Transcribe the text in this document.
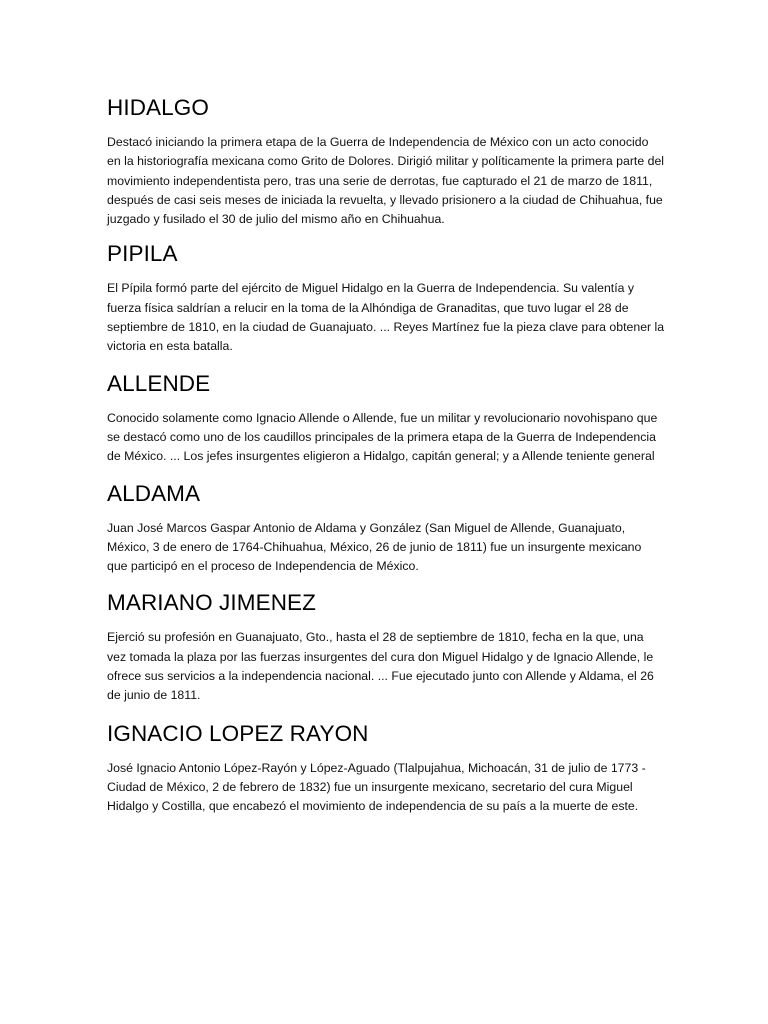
HIDALGO

Destacó iniciando la primera etapa de la Guerra de Independencia de México con un acto conocido en la historiografía mexicana como Grito de Dolores. Dirigió militar y políticamente la primera parte del movimiento independentista pero, tras una serie de derrotas, fue capturado el 21 de marzo de 1811, después de casi seis meses de iniciada la revuelta, y llevado prisionero a la ciudad de Chihuahua, fue juzgado y fusilado el 30 de julio del mismo año en Chihuahua.

PIPILA

El Pípila formó parte del ejército de Miguel Hidalgo en la Guerra de Independencia. Su valentía y fuerza física saldrían a relucir en la toma de la Alhóndiga de Granaditas, que tuvo lugar el 28 de septiembre de 1810, en la ciudad de Guanajuato. ... Reyes Martínez fue la pieza clave para obtener la victoria en esta batalla.

ALLENDE

Conocido solamente como Ignacio Allende o Allende, fue un militar y revolucionario novohispano que se destacó como uno de los caudillos principales de la primera etapa de la Guerra de Independencia de México. ... Los jefes insurgentes eligieron a Hidalgo, capitán general; y a Allende teniente general

ALDAMA

Juan José Marcos Gaspar Antonio de Aldama y González (San Miguel de Allende, Guanajuato, México, 3 de enero de 1764-Chihuahua, México, 26 de junio de 1811) fue un insurgente mexicano que participó en el proceso de Independencia de México.

MARIANO JIMENEZ

Ejerció su profesión en Guanajuato, Gto., hasta el 28 de septiembre de 1810, fecha en la que, una vez tomada la plaza por las fuerzas insurgentes del cura don Miguel Hidalgo y de Ignacio Allende, le ofrece sus servicios a la independencia nacional. ... Fue ejecutado junto con Allende y Aldama, el 26 de junio de 1811.

IGNACIO LOPEZ RAYON

José Ignacio Antonio López-Rayón y López-Aguado (Tlalpujahua, Michoacán, 31 de julio de 1773 - Ciudad de México, 2 de febrero de 1832) fue un insurgente mexicano, secretario del cura Miguel Hidalgo y Costilla, que encabezó el movimiento de independencia de su país a la muerte de este.
